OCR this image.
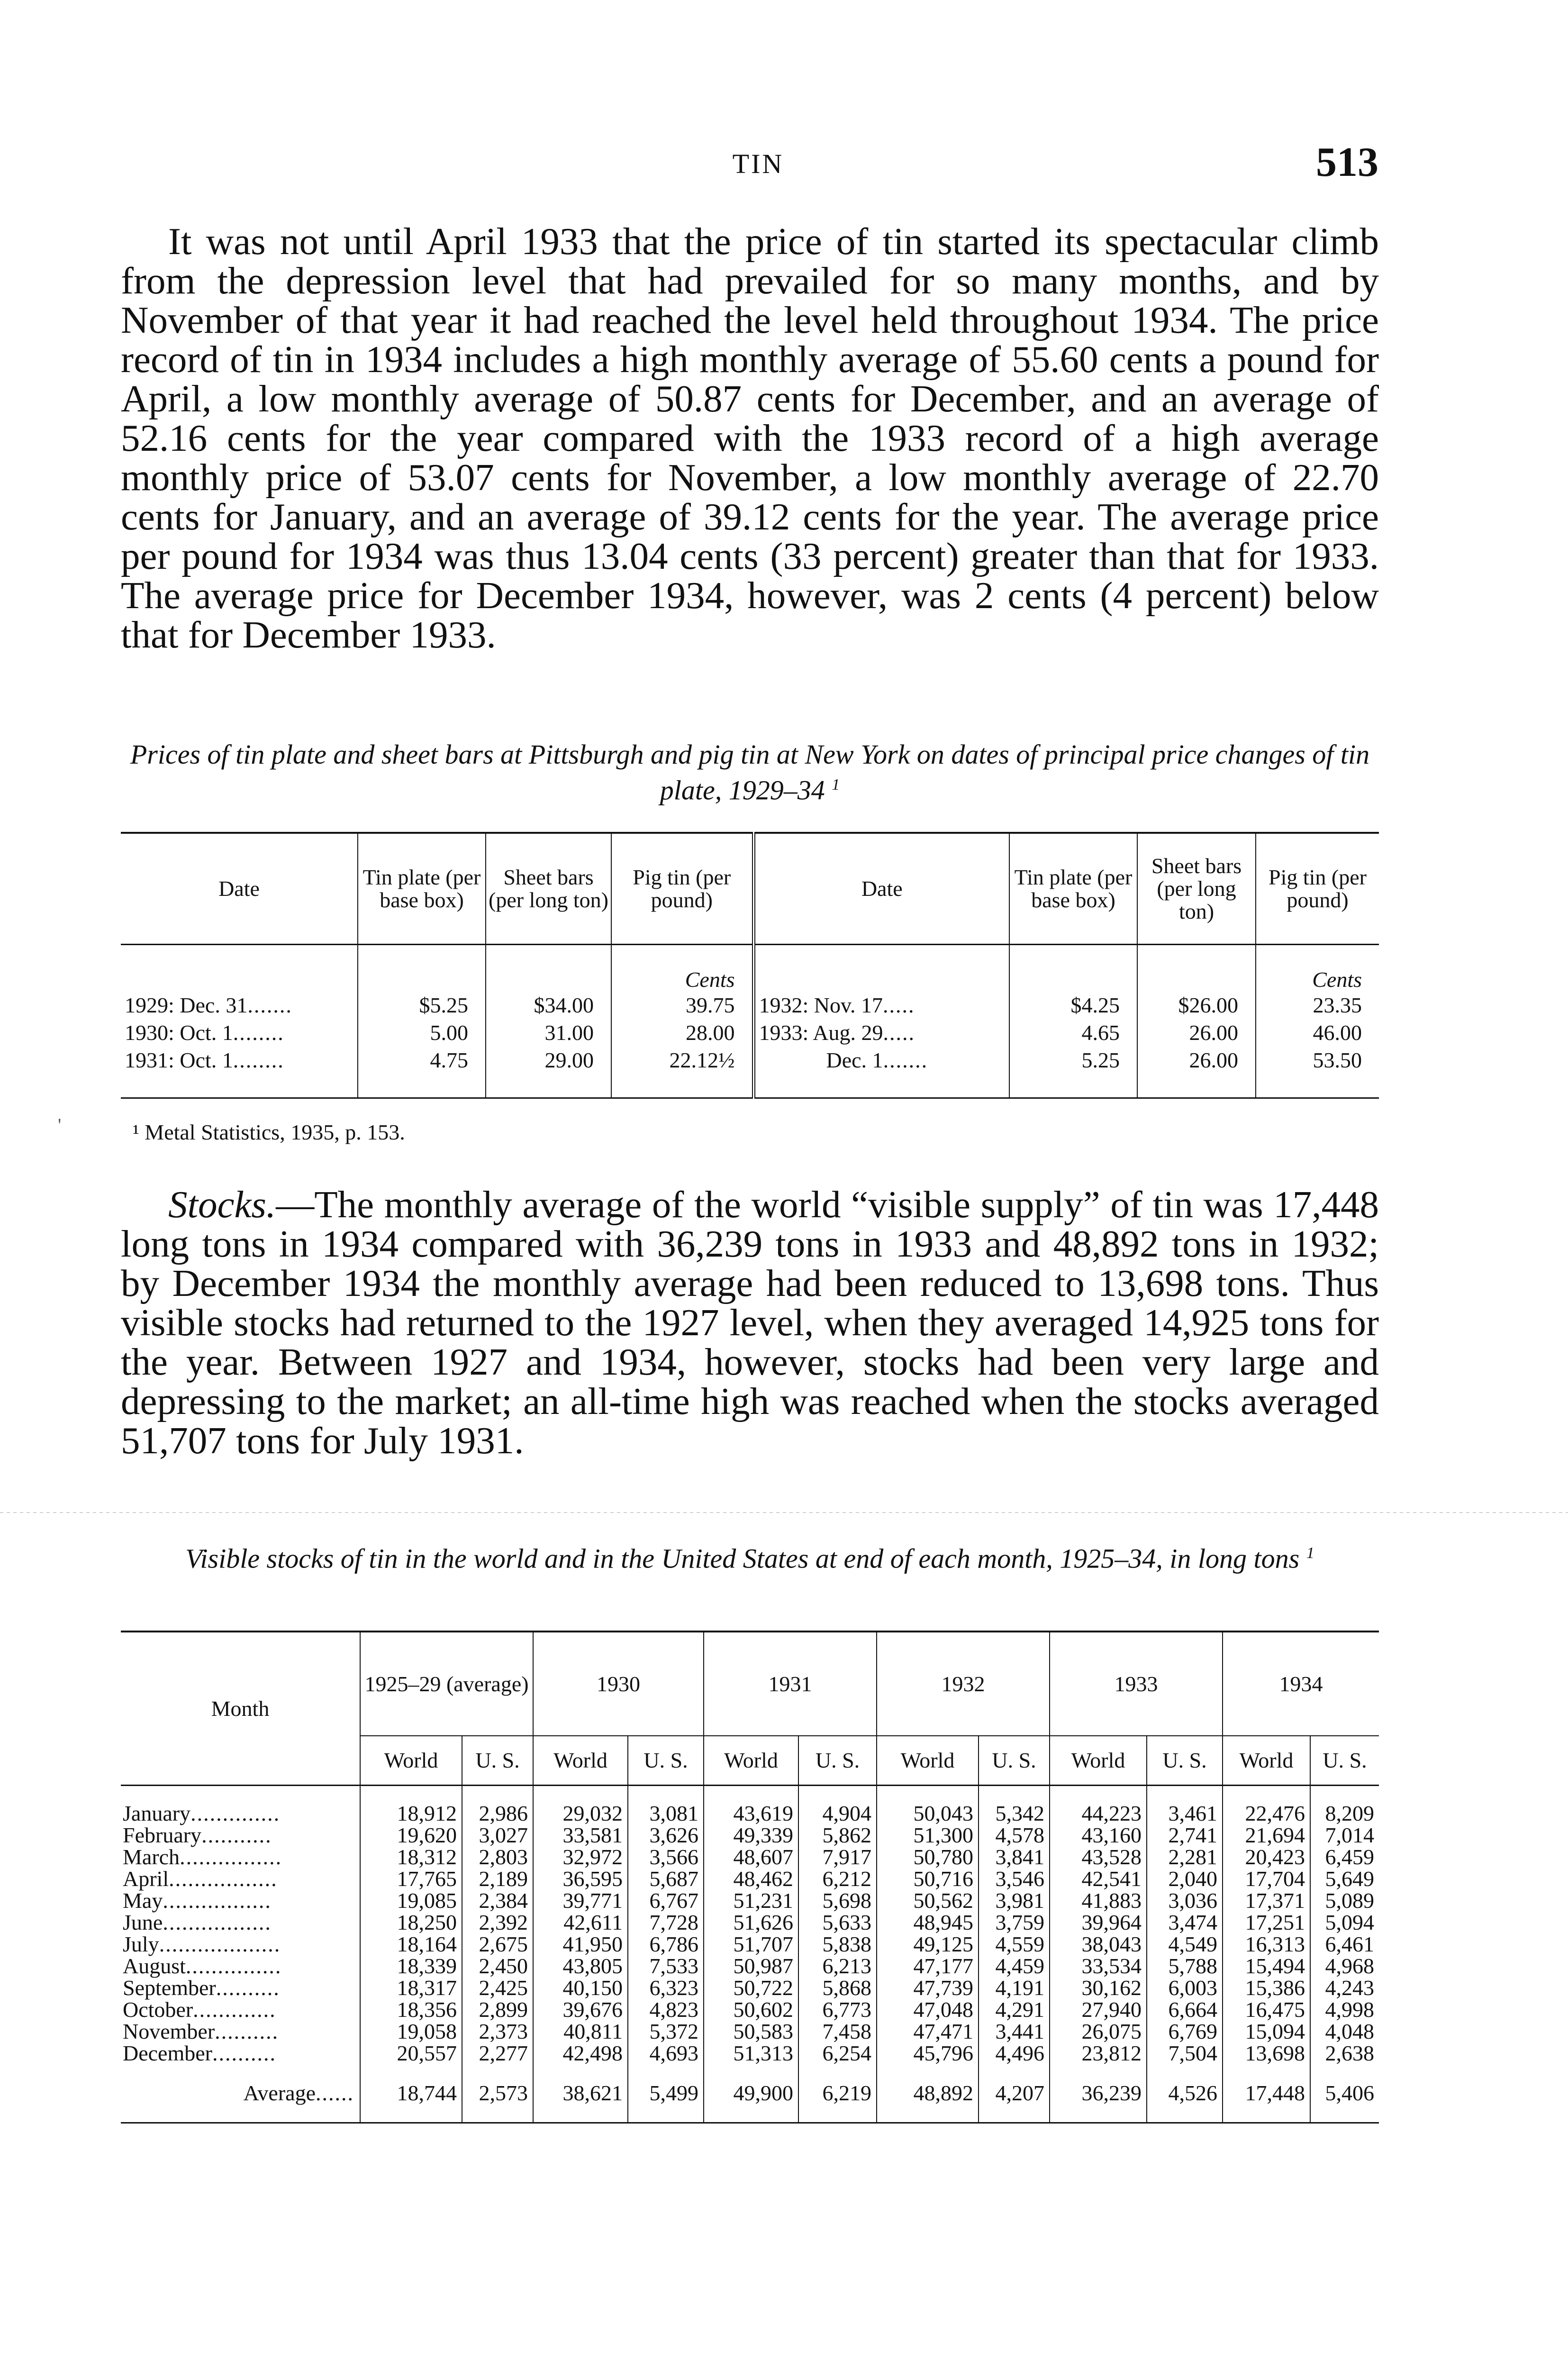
TIN	513

It was not until April 1933 that the price of tin started its spectacular climb from the depression level that had prevailed for so many months, and by November of that year it had reached the level held throughout 1934. The price record of tin in 1934 includes a high monthly average of 55.60 cents a pound for April, a low monthly average of 50.87 cents for December, and an average of 52.16 cents for the year compared with the 1933 record of a high average monthly price of 53.07 cents for November, a low monthly average of 22.70 cents for January, and an average of 39.12 cents for the year. The average price per pound for 1934 was thus 13.04 cents (33 percent) greater than that for 1933. The average price for December 1934, however, was 2 cents (4 percent) below that for December 1933.

Prices of tin plate and sheet bars at Pittsburgh and pig tin at New York on dates of principal price changes of tin plate, 1929–34 $^1$

Date	Tin plate (per base box)	Sheet bars (per long ton)	Pig tin (per pound)	Date	Tin plate (per base box)	Sheet bars (per long ton)	Pig tin (per pound)
			Cents				Cents
1929: Dec. 31.......	$5.25	$34.00	39.75	1932: Nov. 17.....	$4.25	$26.00	23.35
1930: Oct. 1........	5.00	31.00	28.00	1933: Aug. 29.....	4.65	26.00	46.00
1931: Oct. 1........	4.75	29.00	22.12½	Dec. 1.......	5.25	26.00	53.50

¹ Metal Statistics, 1935, p. 153.

Stocks.—The monthly average of the world “visible supply” of tin was 17,448 long tons in 1934 compared with 36,239 tons in 1933 and 48,892 tons in 1932; by December 1934 the monthly average had been reduced to 13,698 tons. Thus visible stocks had returned to the 1927 level, when they averaged 14,925 tons for the year. Between 1927 and 1934, however, stocks had been very large and depressing to the market; an all-time high was reached when the stocks averaged 51,707 tons for July 1931.

Visible stocks of tin in the world and in the United States at end of each month, 1925–34, in long tons $^1$

Month	1925–29 (average)		1930		1931		1932		1933		1934	
	World	U. S.	World	U. S.	World	U. S.	World	U. S.	World	U. S.	World	U. S.
January..............	18,912	2,986	29,032	3,081	43,619	4,904	50,043	5,342	44,223	3,461	22,476	8,209
February...........	19,620	3,027	33,581	3,626	49,339	5,862	51,300	4,578	43,160	2,741	21,694	7,014
March................	18,312	2,803	32,972	3,566	48,607	7,917	50,780	3,841	43,528	2,281	20,423	6,459
April.................	17,765	2,189	36,595	5,687	48,462	6,212	50,716	3,546	42,541	2,040	17,704	5,649
May.................	19,085	2,384	39,771	6,767	51,231	5,698	50,562	3,981	41,883	3,036	17,371	5,089
June.................	18,250	2,392	42,611	7,728	51,626	5,633	48,945	3,759	39,964	3,474	17,251	5,094
July...................	18,164	2,675	41,950	6,786	51,707	5,838	49,125	4,559	38,043	4,549	16,313	6,461
August...............	18,339	2,450	43,805	7,533	50,987	6,213	47,177	4,459	33,534	5,788	15,494	4,968
September..........	18,317	2,425	40,150	6,323	50,722	5,868	47,739	4,191	30,162	6,003	15,386	4,243
October.............	18,356	2,899	39,676	4,823	50,602	6,773	47,048	4,291	27,940	6,664	16,475	4,998
November..........	19,058	2,373	40,811	5,372	50,583	7,458	47,471	3,441	26,075	6,769	15,094	4,048
December..........	20,557	2,277	42,498	4,693	51,313	6,254	45,796	4,496	23,812	7,504	13,698	2,638
Average......	18,744	2,573	38,621	5,499	49,900	6,219	48,892	4,207	36,239	4,526	17,448	5,406

'
